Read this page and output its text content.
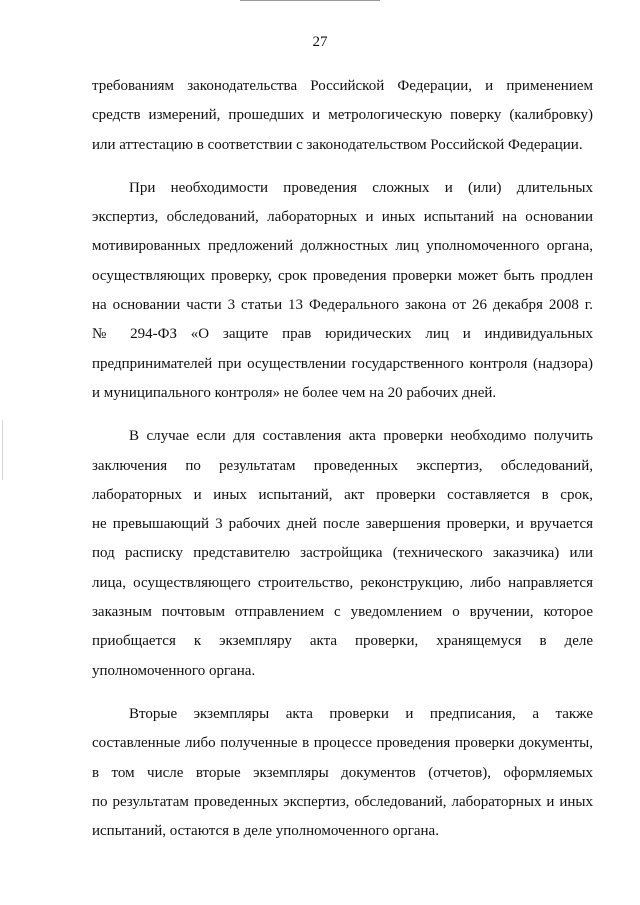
27
требованиям законодательства Российской Федерации, и применением
средств измерений, прошедших и метрологическую поверку (калибровку)
или аттестацию в соответствии с законодательством Российской Федерации.
При необходимости проведения сложных и (или) длительных
экспертиз, обследований, лабораторных и иных испытаний на основании
мотивированных предложений должностных лиц уполномоченного органа,
осуществляющих проверку, срок проведения проверки может быть продлен
на основании части 3 статьи 13 Федерального закона от 26 декабря 2008 г.
№ 294-ФЗ «О защите прав юридических лиц и индивидуальных
предпринимателей при осуществлении государственного контроля (надзора)
и муниципального контроля» не более чем на 20 рабочих дней.
В случае если для составления акта проверки необходимо получить
заключения по результатам проведенных экспертиз, обследований,
лабораторных и иных испытаний, акт проверки составляется в срок,
не превышающий 3 рабочих дней после завершения проверки, и вручается
под расписку представителю застройщика (технического заказчика) или
лица, осуществляющего строительство, реконструкцию, либо направляется
заказным почтовым отправлением с уведомлением о вручении, которое
приобщается к экземпляру акта проверки, хранящемуся в деле
уполномоченного органа.
Вторые экземпляры акта проверки и предписания, а также
составленные либо полученные в процессе проведения проверки документы,
в том числе вторые экземпляры документов (отчетов), оформляемых
по результатам проведенных экспертиз, обследований, лабораторных и иных
испытаний, остаются в деле уполномоченного органа.
